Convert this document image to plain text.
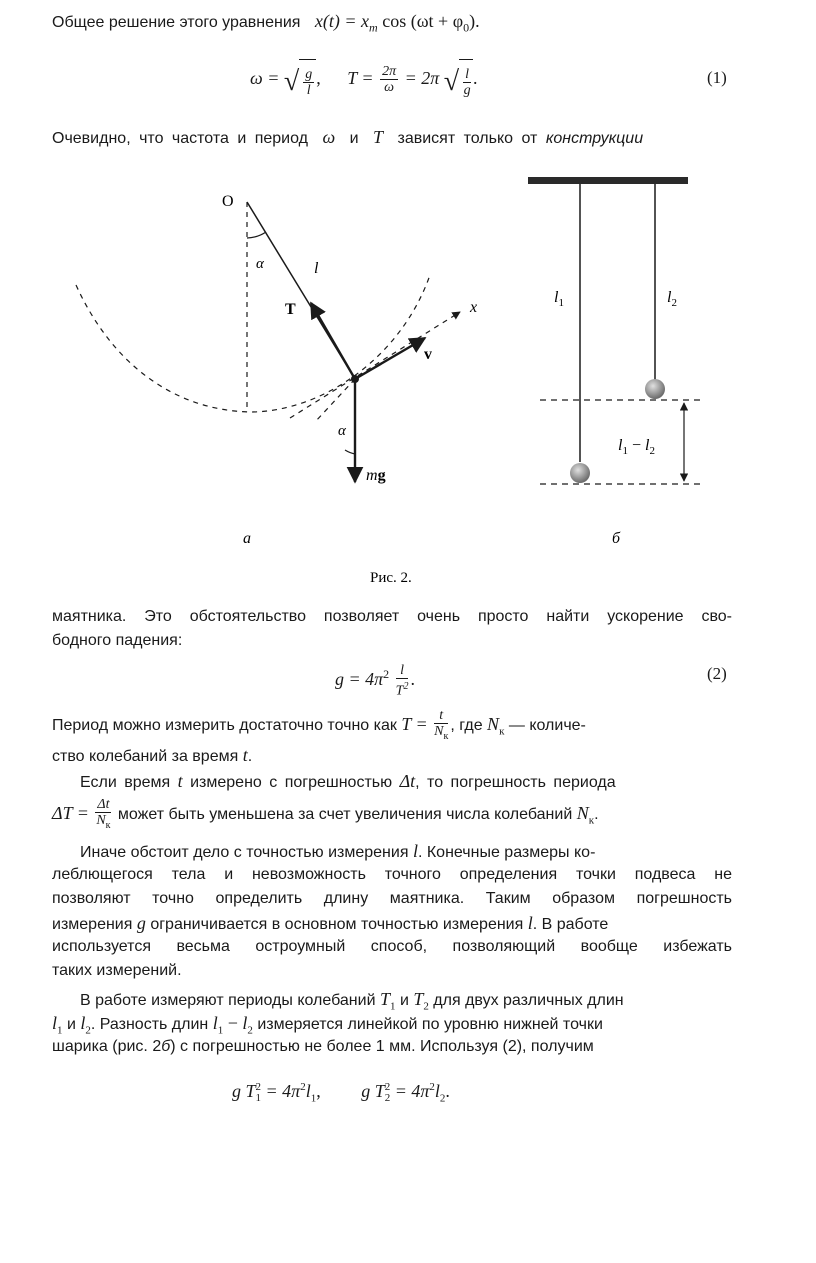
Общее решение этого уравнения $x(t) = x_m$ $\cos (\omega t + \varphi_0)$.
ω = √ $\frac{g}{l}$ , $T = \frac{2\pi}{\omega} = 2\pi$ √ $\frac{l}{g}$ .	(1)
Очевидно, что частота и период ω и T зависят только от конструкции
O
α	l
T	x
v
α
mg
а
$l_1$	$l_2$
$l_1 - l_2$
б
Рис. 2.
маятника. Это обстоятельство позволяет очень просто найти ускорение сво-
бодного падения:
$g = 4\pi^2 \frac{l}{T^2}$ .	(2)
Период можно измерить достаточно точно как $T = \frac{t}{N_к}$ , где $N_к$ — количе-
ство колебаний за время t.
Если время t измерено с погрешностью Δt, то погрешность периода
$\Delta T = \frac{\Delta t}{N_к}$ может быть уменьшена за счет увеличения числа колебаний $N_к$.
Иначе обстоит дело с точностью измерения l. Конечные размеры ко-
леблющегося тела и невозможность точного определения точки подвеса не
позволяют точно определить длину маятника. Таким образом погрешность
измерения g ограничивается в основном точностью измерения l. В работе
используется весьма остроумный способ, позволяющий вообще избежать
таких измерений.
В работе измеряют периоды колебаний $T_1$ и $T_2$ для двух различных длин
$l_1$ и $l_2$. Разность длин $l_1 - l_2$ измеряется линейкой по уровню нижней точки
шарика (рис. 2б) с погрешностью не более 1 мм. Используя (2), получим
g T 2
$1 = 4\pi^2l_1$, g T 2
$2 = 4\pi^2l_2$.
